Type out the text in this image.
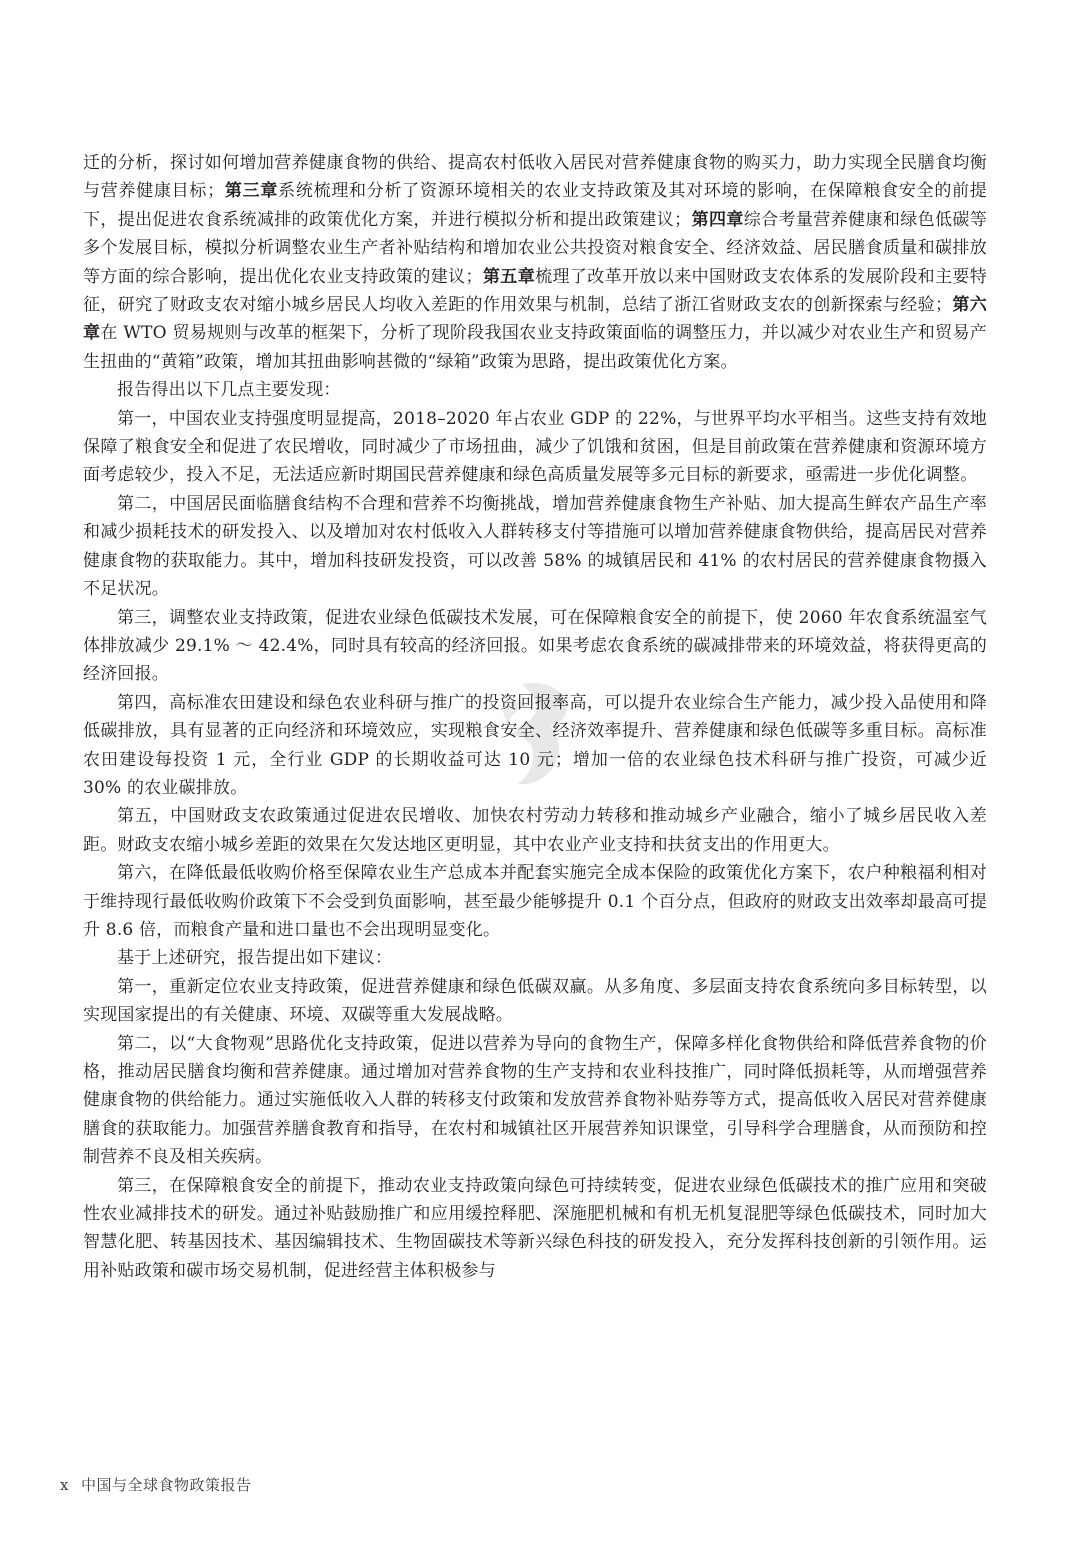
迁的分析，探讨如何增加营养健康食物的供给、提高农村低收入居民对营养健康食物的购买力，助力实现全民膳食均衡与营养健康目标；第三章系统梳理和分析了资源环境相关的农业支持政策及其对环境的影响，在保障粮食安全的前提下，提出促进农食系统减排的政策优化方案，并进行模拟分析和提出政策建议；第四章综合考量营养健康和绿色低碳等多个发展目标，模拟分析调整农业生产者补贴结构和增加农业公共投资对粮食安全、经济效益、居民膳食质量和碳排放等方面的综合影响，提出优化农业支持政策的建议；第五章梳理了改革开放以来中国财政支农体系的发展阶段和主要特征，研究了财政支农对缩小城乡居民人均收入差距的作用效果与机制，总结了浙江省财政支农的创新探索与经验；第六章在 WTO 贸易规则与改革的框架下，分析了现阶段我国农业支持政策面临的调整压力，并以减少对农业生产和贸易产生扭曲的“黄箱”政策，增加其扭曲影响甚微的“绿箱”政策为思路，提出政策优化方案。

报告得出以下几点主要发现：

第一，中国农业支持强度明显提高，2018–2020 年占农业 GDP 的 22%，与世界平均水平相当。这些支持有效地保障了粮食安全和促进了农民增收，同时减少了市场扭曲，减少了饥饿和贫困，但是目前政策在营养健康和资源环境方面考虑较少，投入不足，无法适应新时期国民营养健康和绿色高质量发展等多元目标的新要求，亟需进一步优化调整。

第二，中国居民面临膳食结构不合理和营养不均衡挑战，增加营养健康食物生产补贴、加大提高生鲜农产品生产率和减少损耗技术的研发投入、以及增加对农村低收入人群转移支付等措施可以增加营养健康食物供给，提高居民对营养健康食物的获取能力。其中，增加科技研发投资，可以改善 58% 的城镇居民和 41% 的农村居民的营养健康食物摄入不足状况。

第三，调整农业支持政策，促进农业绿色低碳技术发展，可在保障粮食安全的前提下，使 2060 年农食系统温室气体排放减少 29.1% ～ 42.4%，同时具有较高的经济回报。如果考虑农食系统的碳减排带来的环境效益，将获得更高的经济回报。

第四，高标准农田建设和绿色农业科研与推广的投资回报率高，可以提升农业综合生产能力，减少投入品使用和降低碳排放，具有显著的正向经济和环境效应，实现粮食安全、经济效率提升、营养健康和绿色低碳等多重目标。高标准农田建设每投资 1 元，全行业 GDP 的长期收益可达 10 元；增加一倍的农业绿色技术科研与推广投资，可减少近 30% 的农业碳排放。

第五，中国财政支农政策通过促进农民增收、加快农村劳动力转移和推动城乡产业融合，缩小了城乡居民收入差距。财政支农缩小城乡差距的效果在欠发达地区更明显，其中农业产业支持和扶贫支出的作用更大。

第六，在降低最低收购价格至保障农业生产总成本并配套实施完全成本保险的政策优化方案下，农户种粮福利相对于维持现行最低收购价政策下不会受到负面影响，甚至最少能够提升 0.1 个百分点，但政府的财政支出效率却最高可提升 8.6 倍，而粮食产量和进口量也不会出现明显变化。

基于上述研究，报告提出如下建议：

第一，重新定位农业支持政策，促进营养健康和绿色低碳双赢。从多角度、多层面支持农食系统向多目标转型，以实现国家提出的有关健康、环境、双碳等重大发展战略。

第二，以“大食物观”思路优化支持政策，促进以营养为导向的食物生产，保障多样化食物供给和降低营养食物的价格，推动居民膳食均衡和营养健康。通过增加对营养食物的生产支持和农业科技推广，同时降低损耗等，从而增强营养健康食物的供给能力。通过实施低收入人群的转移支付政策和发放营养食物补贴券等方式，提高低收入居民对营养健康膳食的获取能力。加强营养膳食教育和指导，在农村和城镇社区开展营养知识课堂，引导科学合理膳食，从而预防和控制营养不良及相关疾病。

第三，在保障粮食安全的前提下，推动农业支持政策向绿色可持续转变，促进农业绿色低碳技术的推广应用和突破性农业减排技术的研发。通过补贴鼓励推广和应用缓控释肥、深施肥机械和有机无机复混肥等绿色低碳技术，同时加大智慧化肥、转基因技术、基因编辑技术、生物固碳技术等新兴绿色科技的研发投入，充分发挥科技创新的引领作用。运用补贴政策和碳市场交易机制，促进经营主体积极参与

x 中国与全球食物政策报告
